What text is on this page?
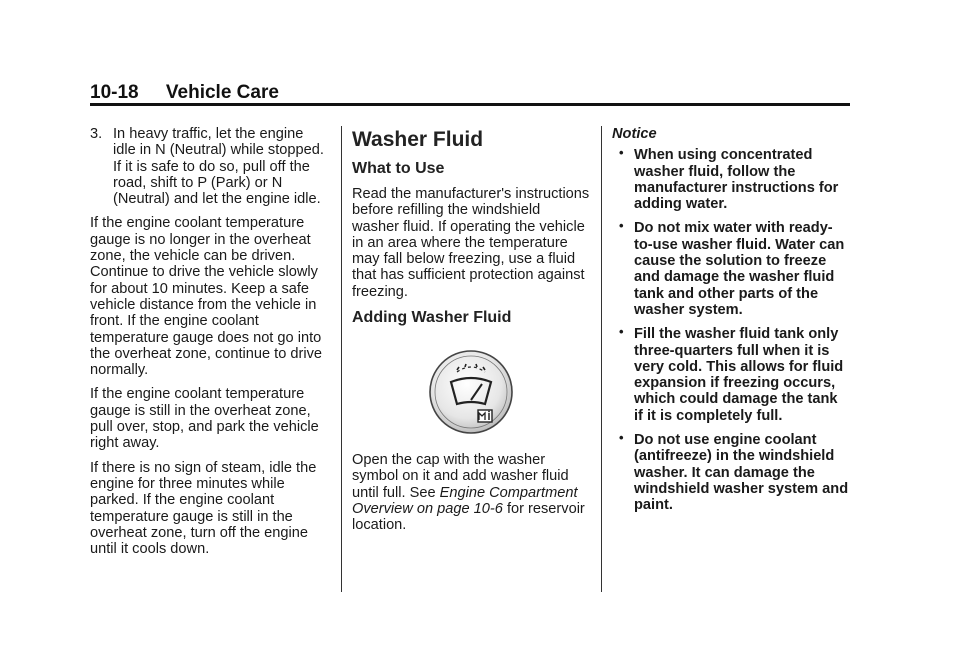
10-18 Vehicle Care
3. In heavy traffic, let the engine idle in N (Neutral) while stopped. If it is safe to do so, pull off the road, shift to P (Park) or N (Neutral) and let the engine idle.

If the engine coolant temperature gauge is no longer in the overheat zone, the vehicle can be driven. Continue to drive the vehicle slowly for about 10 minutes. Keep a safe vehicle distance from the vehicle in front. If the engine coolant temperature gauge does not go into the overheat zone, continue to drive normally.

If the engine coolant temperature gauge is still in the overheat zone, pull over, stop, and park the vehicle right away.

If there is no sign of steam, idle the engine for three minutes while parked. If the engine coolant temperature gauge is still in the overheat zone, turn off the engine until it cools down.

Washer Fluid
What to Use

Read the manufacturer's instructions before refilling the windshield washer fluid. If operating the vehicle in an area where the temperature may fall below freezing, use a fluid that has sufficient protection against freezing.

Adding Washer Fluid

Open the cap with the washer symbol on it and add washer fluid until full. See Engine Compartment Overview on page 10-6 for reservoir location.

Notice

• When using concentrated washer fluid, follow the manufacturer instructions for adding water.
• Do not mix water with ready-to-use washer fluid. Water can cause the solution to freeze and damage the washer fluid tank and other parts of the washer system.
• Fill the washer fluid tank only three-quarters full when it is very cold. This allows for fluid expansion if freezing occurs, which could damage the tank if it is completely full.
• Do not use engine coolant (antifreeze) in the windshield washer. It can damage the windshield washer system and paint.
